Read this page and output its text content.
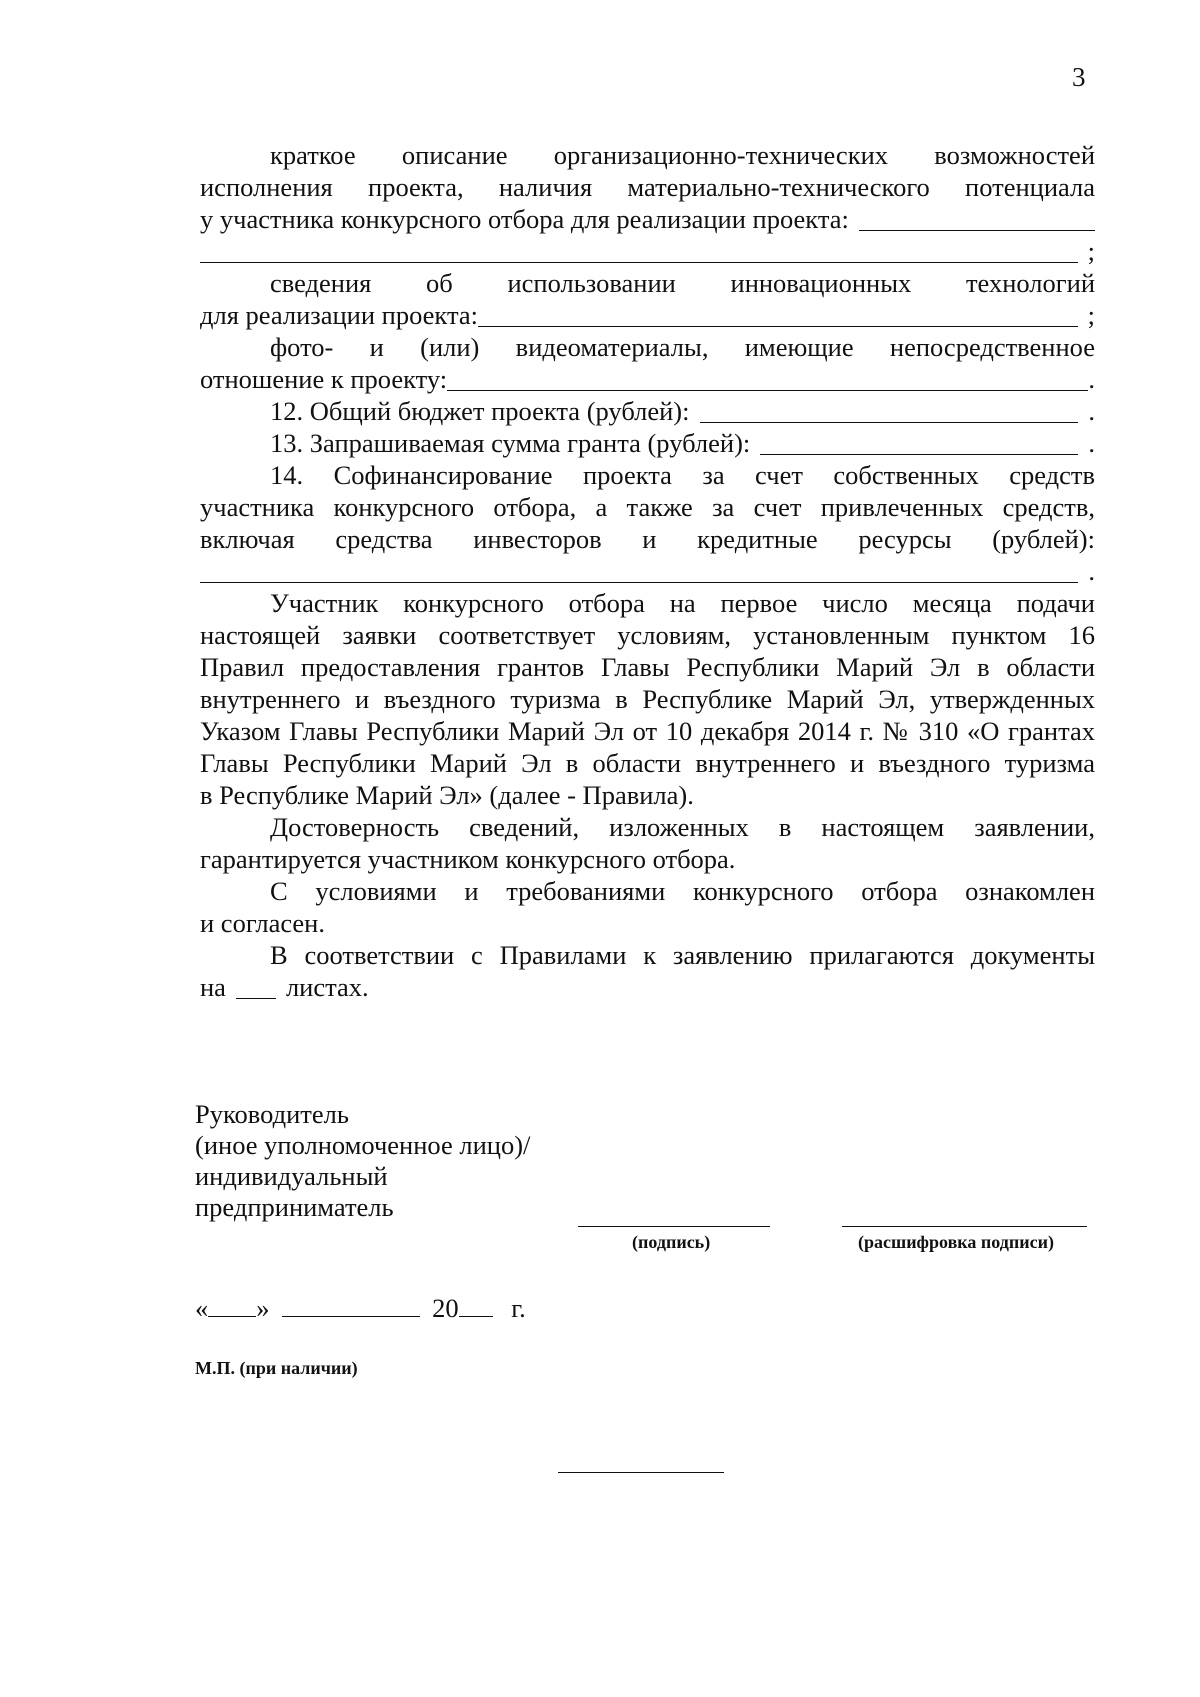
3
краткое описание организационно-технических возможностей
исполнения проекта, наличия материально-технического потенциала
у участника конкурсного отбора для реализации проекта:
;
сведения об использовании инновационных технологий
для реализации проекта:	;
фото- и (или) видеоматериалы, имеющие непосредственное
отношение к проекту:	.
12. Общий бюджет проекта (рублей):	.
13. Запрашиваемая сумма гранта (рублей):	.
14. Софинансирование проекта за счет собственных средств
участника конкурсного отбора, а также за счет привлеченных средств,
включая средства инвесторов и кредитные ресурсы (рублей):
.
Участник конкурсного отбора на первое число месяца подачи
настоящей заявки соответствует условиям, установленным пунктом 16
Правил предоставления грантов Главы Республики Марий Эл в области
внутреннего и въездного туризма в Республике Марий Эл, утвержденных
Указом Главы Республики Марий Эл от 10 декабря 2014 г. № 310 «О грантах
Главы Республики Марий Эл в области внутреннего и въездного туризма
в Республике Марий Эл» (далее - Правила).
Достоверность сведений, изложенных в настоящем заявлении,
гарантируется участником конкурсного отбора.
С условиями и требованиями конкурсного отбора ознакомлен
и согласен.
В соответствии с Правилами к заявлению прилагаются документы
на листах.
Руководитель
(иное уполномоченное лицо)/
индивидуальный
предприниматель
(подпись)	(расшифровка подписи)
« »	20 г.
М.П. (при наличии)
